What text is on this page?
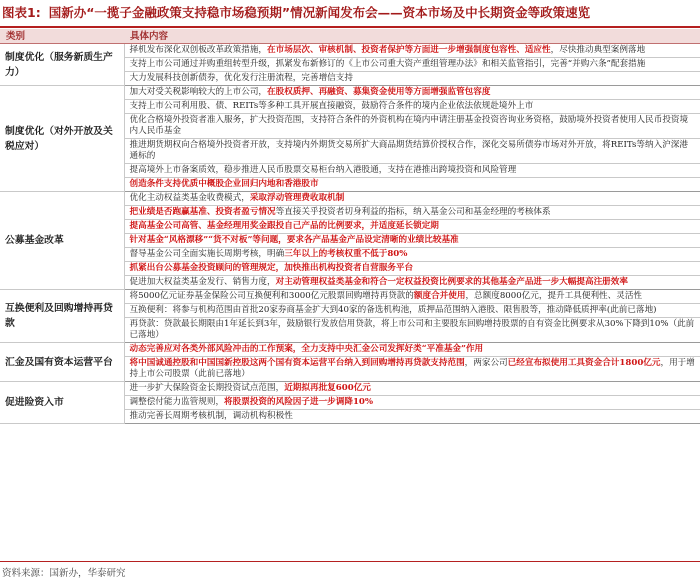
图表1: 国新办“一揽子金融政策支持稳市场稳预期”情况新闻发布会——资本市场及中长期资金等政策速览
类别	具体内容
制度优化（服务新质生产力）	择机发布深化双创板改革政策措施，在市场层次、审核机制、投资者保护等方面进一步增强制度包容性、适应性，尽快推动典型案例落地
	支持上市公司通过并购重组转型升级，抓紧发布新修订的《上市公司重大资产重组管理办法》和相关监管指引，完善“并购六条”配套措施
	大力发展科技创新债券，优化发行注册流程，完善增信支持
制度优化（对外开放及关税应对）	加大对受关税影响较大的上市公司，在股权质押、再融资、募集资金使用等方面增强监管包容度
	支持上市公司利用股、债、REITs等多种工具开展直接融资，鼓励符合条件的境内企业依法依规赴境外上市
	优化合格境外投资者准入服务，扩大投资范围，支持符合条件的外资机构在境内申请注册基金投资咨询业务资格，鼓励境外投资者使用人民币投资境内人民币基金
	推进期货期权向合格境外投资者开放，支持境内外期货交易所扩大商品期货结算价授权合作，深化交易所债券市场对外开放，将REITs等纳入沪深港通标的
	提高境外上市备案质效，稳步推进人民币股票交易柜台纳入港股通，支持在港推出跨境投资和风险管理
	创造条件支持优质中概股企业回归内地和香港股市
公募基金改革	优化主动权益类基金收费模式，采取浮动管理费收取机制
	把业绩是否跑赢基准、投资者盈亏情况等直接关乎投资者切身利益的指标，纳入基金公司和基金经理的考核体系
	提高基金公司高管、基金经理用奖金跟投自己产品的比例要求，并适度延长锁定期
	针对基金“风格漂移”“货不对板”等问题，要求各产品基金产品设定清晰的业绩比较基准
	督导基金公司全面实施长周期考核，明确三年以上的考核权重不低于80%
	抓紧出台公募基金投资顾问的管理规定，加快推出机构投资者自营服务平台
	促进加大权益类基金发行、销售力度，对主动管理权益类基金和符合一定权益投资比例要求的其他基金产品进一步大幅提高注册效率
互换便利及回购增持再贷款	将5000亿元证券基金保险公司互换便利和3000亿元股票回购增持再贷款的额度合并使用，总额度8000亿元，提升工具便利性、灵活性
	互换便利：将参与机构范围由首批20家券商基金扩大到40家的备选机构池，质押品范围纳入港股、限售股等，推动降低质押率(此前已落地)
	再贷款：贷款最长期限由1年延长到3年，鼓励银行发放信用贷款，将上市公司和主要股东回购增持股票的自有资金比例要求从30%下降到10%（此前已落地）
汇金及国有资本运营平台	动态完善应对各类外部风险冲击的工作预案，全力支持中央汇金公司发挥好类“平准基金”作用
	将中国诚通控股和中国国新控股这两个国有资本运营平台纳入到回购增持再贷款支持范围，两家公司已经宣布拟使用工具资金合计1800亿元，用于增持上市公司股票（此前已落地）
促进险资入市	进一步扩大保险资金长期投资试点范围，近期拟再批复600亿元
	调整偿付能力监管规则，将股票投资的风险因子进一步调降10%
	推动完善长周期考核机制，调动机构积极性
资料来源：国新办，华泰研究
